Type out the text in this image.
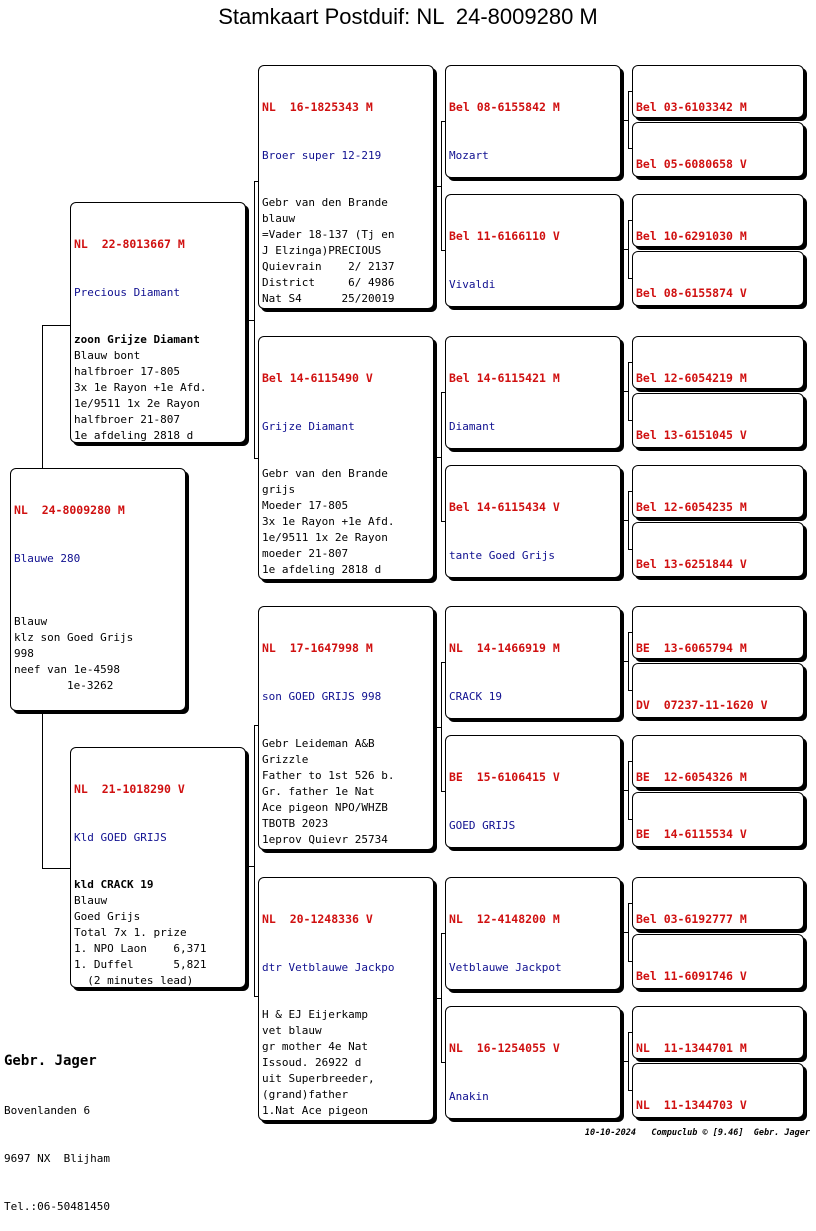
Stamkaart Postduif: NL  24-8009280 M

NL  24-8009280 M

Blauwe 280

Blauw
klz son Goed Grijs
998
neef van 1e-4598
1e-3262

NL  22-8013667 M

Precious Diamant

zoon Grijze Diamant
Blauw bont
halfbroer 17-805
3x 1e Rayon +1e Afd.
1e/9511 1x 2e Rayon
halfbroer 21-807
1e afdeling 2818 d

NL  21-1018290 V

Kld GOED GRIJS

kld CRACK 19
Blauw
Goed Grijs
Total 7x 1. prize
1. NPO Laon    6,371
1. Duffel      5,821
(2 minutes lead)

NL  16-1825343 M

Broer super 12-219

Gebr van den Brande
blauw
=Vader 18-137 (Tj en
J Elzinga)PRECIOUS
Quievrain    2/ 2137
District     6/ 4986
Nat S4      25/20019

Bel 14-6115490 V

Grijze Diamant

Gebr van den Brande
grijs
Moeder 17-805
3x 1e Rayon +1e Afd.
1e/9511 1x 2e Rayon
moeder 21-807
1e afdeling 2818 d

NL  17-1647998 M

son GOED GRIJS 998

Gebr Leideman A&B
Grizzle
Father to 1st 526 b.
Gr. father 1e Nat
Ace pigeon NPO/WHZB
TBOTB 2023
1eprov Quievr 25734

NL  20-1248336 V

dtr Vetblauwe Jackpo

H & EJ Eijerkamp
vet blauw
gr mother 4e Nat
Issoud. 26922 d
uit Superbreeder,
(grand)father
1.Nat Ace pigeon

Bel 08-6155842 M

Mozart

Bel 11-6166110 V

Vivaldi

Bel 14-6115421 M

Diamant

Bel 14-6115434 V

tante Goed Grijs

NL  14-1466919 M

CRACK 19

BE  15-6106415 V

GOED GRIJS

NL  12-4148200 M

Vetblauwe Jackpot

NL  16-1254055 V

Anakin

Bel 03-6103342 M

Bel 05-6080658 V

Bel 10-6291030 M

Bel 08-6155874 V

Bel 12-6054219 M

Bel 13-6151045 V

Bel 12-6054235 M

Bel 13-6251844 V

BE  13-6065794 M

DV  07237-11-1620 V

BE  12-6054326 M

BE  14-6115534 V

Bel 03-6192777 M

Bel 11-6091746 V

NL  11-1344701 M

NL  11-1344703 V

Gebr. Jager

Bovenlanden 6

9697 NX  Blijham

Tel.:06-50481450

10-10-2024   Compuclub © [9.46]  Gebr. Jager
